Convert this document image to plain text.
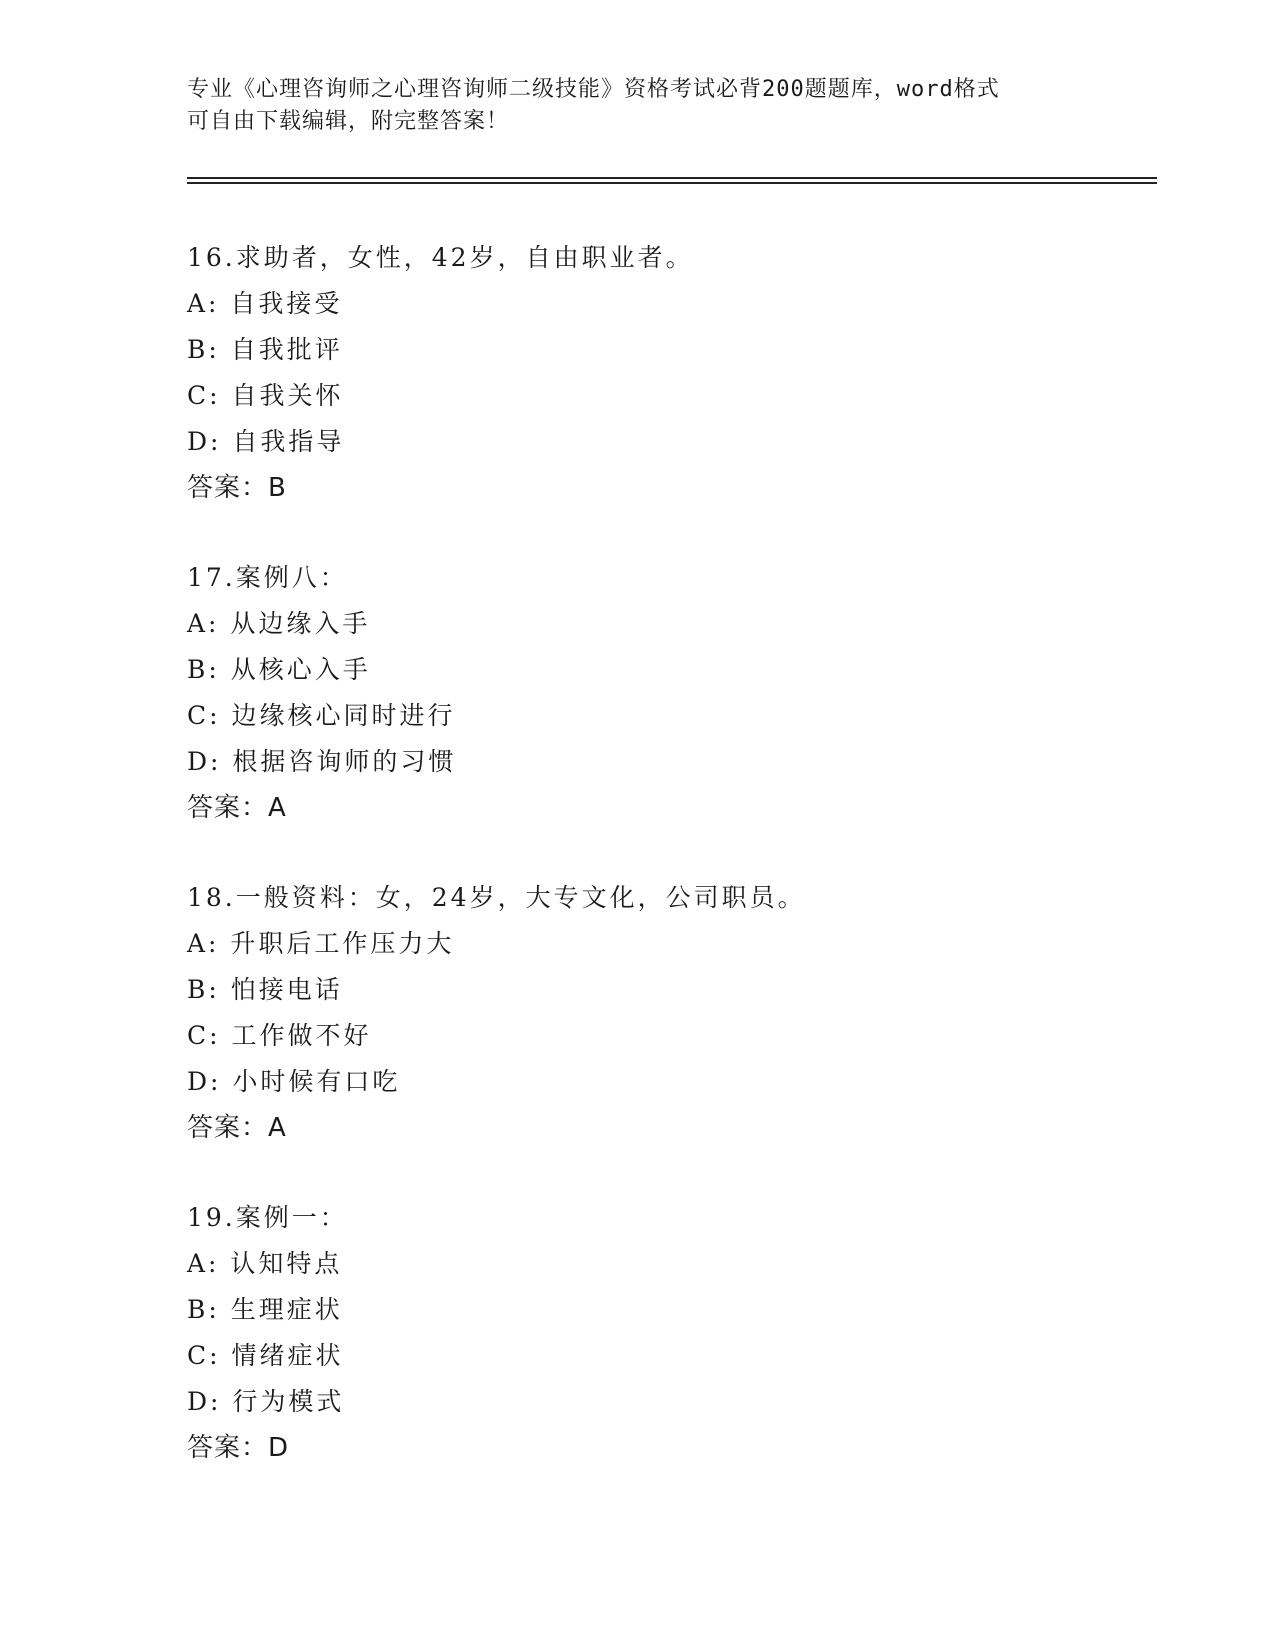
专业《心理咨询师之心理咨询师二级技能》资格考试必背200题题库，word格式
可自由下载编辑，附完整答案！
16.求助者，女性，42岁，自由职业者。
A: 自我接受
B: 自我批评
C: 自我关怀
D: 自我指导
答案：B
17.案例八：
A: 从边缘入手
B: 从核心入手
C: 边缘核心同时进行
D: 根据咨询师的习惯
答案：A
18.一般资料：女，24岁，大专文化，公司职员。
A: 升职后工作压力大
B: 怕接电话
C: 工作做不好
D: 小时候有口吃
答案：A
19.案例一：
A: 认知特点
B: 生理症状
C: 情绪症状
D: 行为模式
答案：D
